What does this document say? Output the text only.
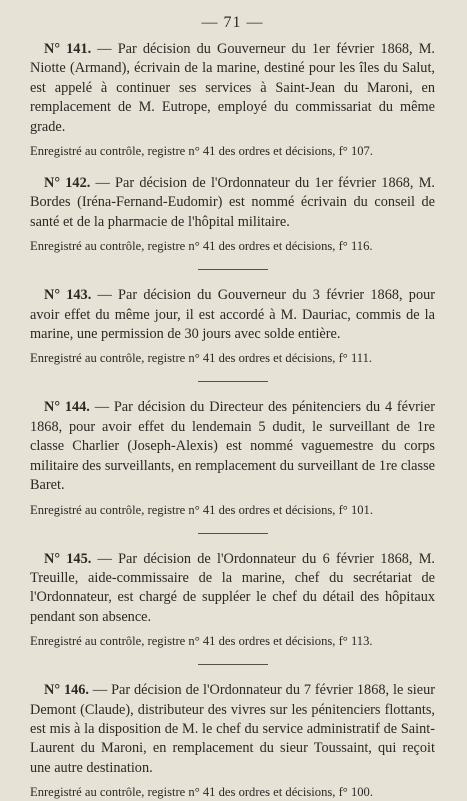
— 71 —

N° 141. — Par décision du Gouverneur du 1er février 1868, M. Niotte (Armand), écrivain de la marine, destiné pour les îles du Salut, est appelé à continuer ses services à Saint-Jean du Maroni, en remplacement de M. Eutrope, employé du commissariat du même grade.

Enregistré au contrôle, registre n° 41 des ordres et décisions, f° 107.

N° 142. — Par décision de l'Ordonnateur du 1er février 1868, M. Bordes (Iréna-Fernand-Eudomir) est nommé écrivain du conseil de santé et de la pharmacie de l'hôpital militaire.

Enregistré au contrôle, registre n° 41 des ordres et décisions, f° 116.

N° 143. — Par décision du Gouverneur du 3 février 1868, pour avoir effet du même jour, il est accordé à M. Dauriac, commis de la marine, une permission de 30 jours avec solde entière.

Enregistré au contrôle, registre n° 41 des ordres et décisions, f° 111.

N° 144. — Par décision du Directeur des pénitenciers du 4 février 1868, pour avoir effet du lendemain 5 dudit, le surveillant de 1re classe Charlier (Joseph-Alexis) est nommé vaguemestre du corps militaire des surveillants, en remplacement du surveillant de 1re classe Baret.

Enregistré au contrôle, registre n° 41 des ordres et décisions, f° 101.

N° 145. — Par décision de l'Ordonnateur du 6 février 1868, M. Treuille, aide-commissaire de la marine, chef du secrétariat de l'Ordonnateur, est chargé de suppléer le chef du détail des hôpitaux pendant son absence.

Enregistré au contrôle, registre n° 41 des ordres et décisions, f° 113.

N° 146. — Par décision de l'Ordonnateur du 7 février 1868, le sieur Demont (Claude), distributeur des vivres sur les pénitenciers flottants, est mis à la disposition de M. le chef du service administratif de Saint-Laurent du Maroni, en remplacement du sieur Toussaint, qui reçoit une autre destination.

Enregistré au contrôle, registre n° 41 des ordres et décisions, f° 100.
